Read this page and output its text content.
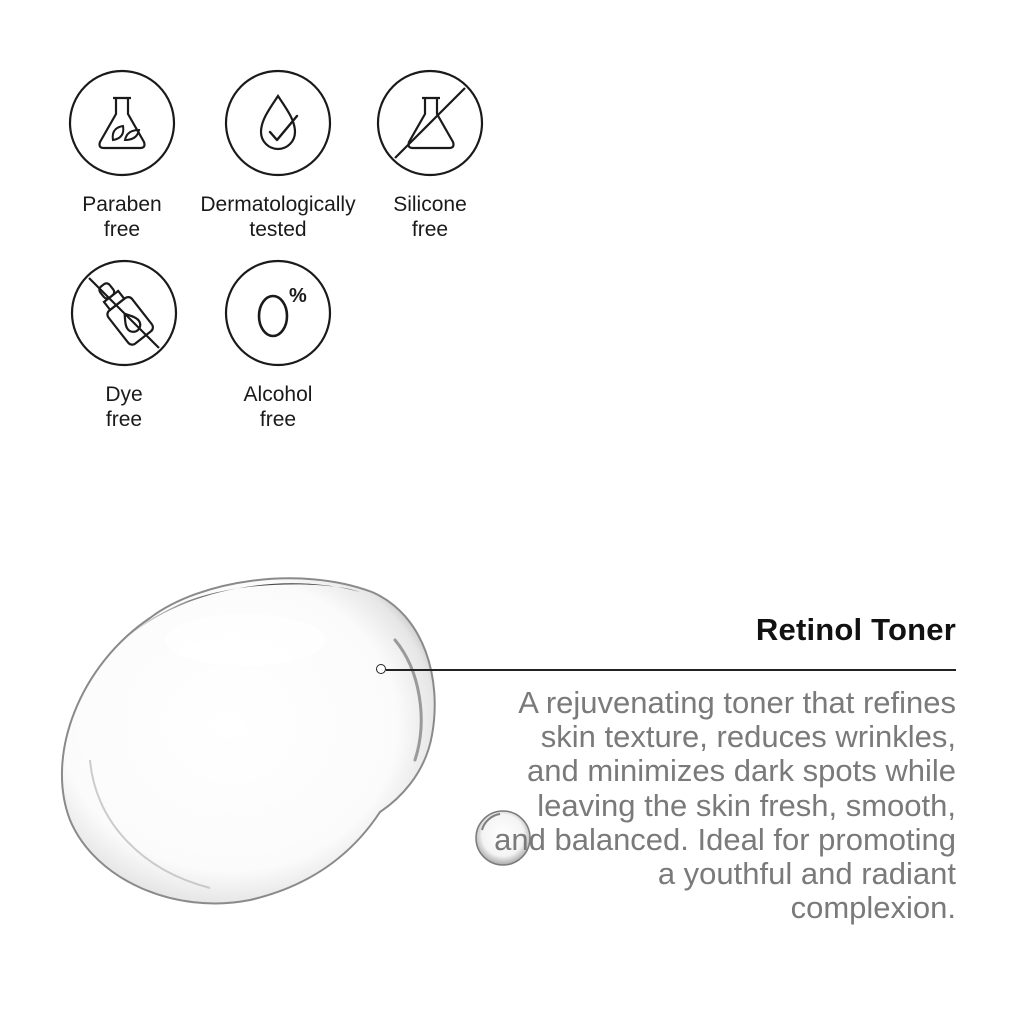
Paraben
free
Dermatologically
tested
Silicone
free
Dye
free
%
Alcohol
free
Retinol Toner
A rejuvenating toner that refines skin texture, reduces wrinkles, and minimizes dark spots while leaving the skin fresh, smooth, and balanced. Ideal for promoting a youthful and radiant complexion.
